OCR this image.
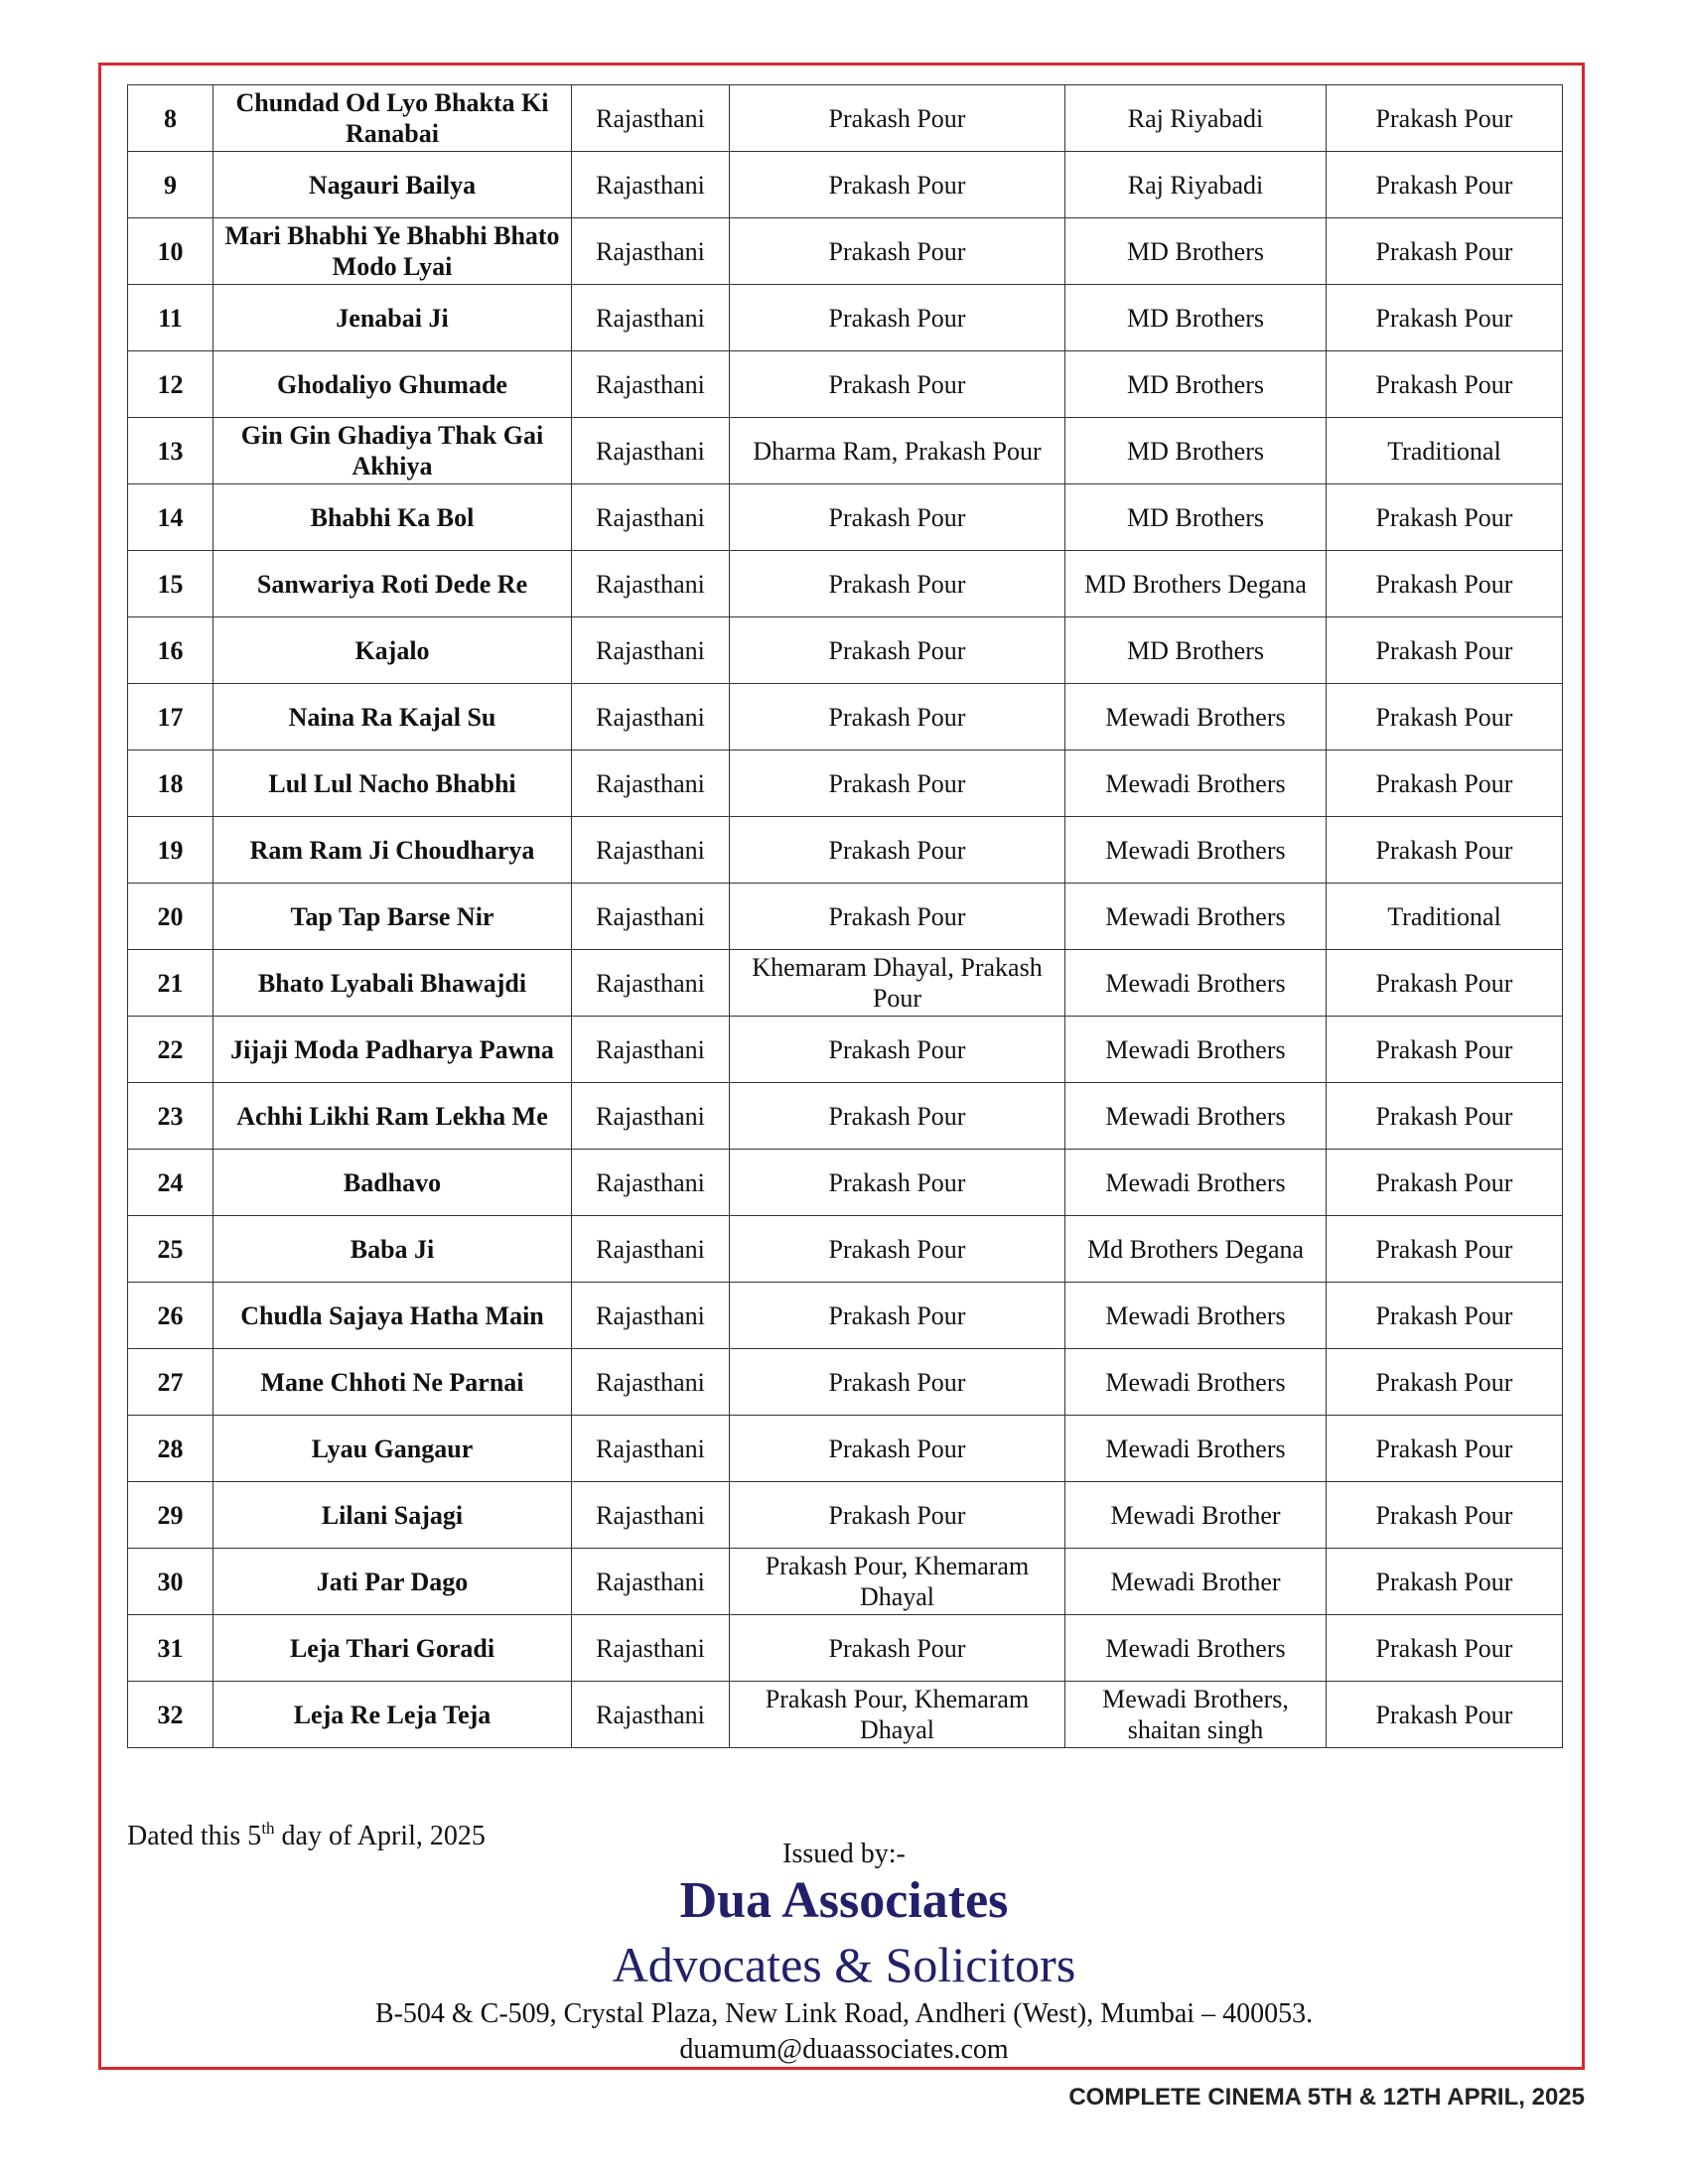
8	Chundad Od Lyo Bhakta Ki Ranabai	Rajasthani	Prakash Pour	Raj Riyabadi	Prakash Pour
9	Nagauri Bailya	Rajasthani	Prakash Pour	Raj Riyabadi	Prakash Pour
10	Mari Bhabhi Ye Bhabhi Bhato Modo Lyai	Rajasthani	Prakash Pour	MD Brothers	Prakash Pour
11	Jenabai Ji	Rajasthani	Prakash Pour	MD Brothers	Prakash Pour
12	Ghodaliyo Ghumade	Rajasthani	Prakash Pour	MD Brothers	Prakash Pour
13	Gin Gin Ghadiya Thak Gai Akhiya	Rajasthani	Dharma Ram, Prakash Pour	MD Brothers	Traditional
14	Bhabhi Ka Bol	Rajasthani	Prakash Pour	MD Brothers	Prakash Pour
15	Sanwariya Roti Dede Re	Rajasthani	Prakash Pour	MD Brothers Degana	Prakash Pour
16	Kajalo	Rajasthani	Prakash Pour	MD Brothers	Prakash Pour
17	Naina Ra Kajal Su	Rajasthani	Prakash Pour	Mewadi Brothers	Prakash Pour
18	Lul Lul Nacho Bhabhi	Rajasthani	Prakash Pour	Mewadi Brothers	Prakash Pour
19	Ram Ram Ji Choudharya	Rajasthani	Prakash Pour	Mewadi Brothers	Prakash Pour
20	Tap Tap Barse Nir	Rajasthani	Prakash Pour	Mewadi Brothers	Traditional
21	Bhato Lyabali Bhawajdi	Rajasthani	Khemaram Dhayal, Prakash Pour	Mewadi Brothers	Prakash Pour
22	Jijaji Moda Padharya Pawna	Rajasthani	Prakash Pour	Mewadi Brothers	Prakash Pour
23	Achhi Likhi Ram Lekha Me	Rajasthani	Prakash Pour	Mewadi Brothers	Prakash Pour
24	Badhavo	Rajasthani	Prakash Pour	Mewadi Brothers	Prakash Pour
25	Baba Ji	Rajasthani	Prakash Pour	Md Brothers Degana	Prakash Pour
26	Chudla Sajaya Hatha Main	Rajasthani	Prakash Pour	Mewadi Brothers	Prakash Pour
27	Mane Chhoti Ne Parnai	Rajasthani	Prakash Pour	Mewadi Brothers	Prakash Pour
28	Lyau Gangaur	Rajasthani	Prakash Pour	Mewadi Brothers	Prakash Pour
29	Lilani Sajagi	Rajasthani	Prakash Pour	Mewadi Brother	Prakash Pour
30	Jati Par Dago	Rajasthani	Prakash Pour, Khemaram Dhayal	Mewadi Brother	Prakash Pour
31	Leja Thari Goradi	Rajasthani	Prakash Pour	Mewadi Brothers	Prakash Pour
32	Leja Re Leja Teja	Rajasthani	Prakash Pour, Khemaram Dhayal	Mewadi Brothers, shaitan singh	Prakash Pour
Dated this 5th day of April, 2025
Issued by:-
Dua Associates
Advocates & Solicitors
B-504 & C-509, Crystal Plaza, New Link Road, Andheri (West), Mumbai – 400053.
duamum@duaassociates.com
COMPLETE CINEMA 5TH & 12TH APRIL, 2025
